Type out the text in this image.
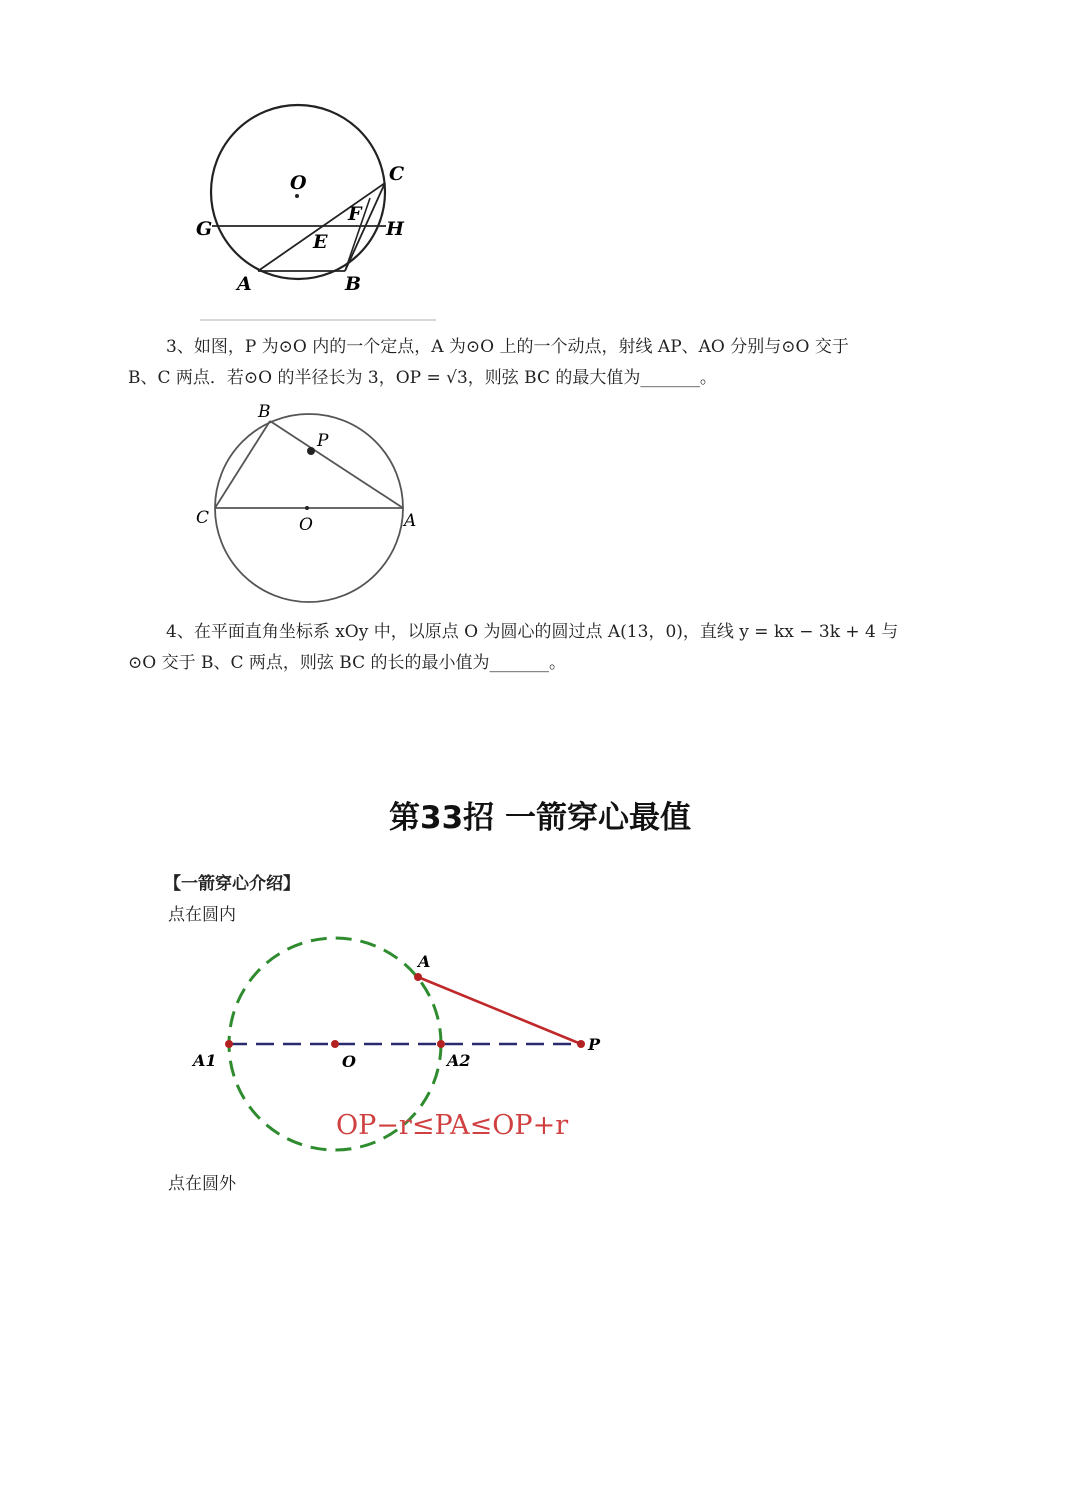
O	C
F
G	H
E
A	B
3、如图，P 为⊙O 内的一个定点，A 为⊙O 上的一个动点，射线 AP、AO 分别与⊙O 交于
B、C 两点．若⊙O 的半径长为 3，OP = √3，则弦 BC 的最大值为_______。
B
P
C	O	A
4、在平面直角坐标系 xOy 中，以原点 O 为圆心的圆过点 A(13，0)，直线 y = kx − 3k + 4 与
⊙O 交于 B、C 两点，则弦 BC 的长的最小值为_______。
第33招 一箭穿心最值
【一箭穿心介绍】
点在圆内
A
P
A1	O	A2
OP−r≤PA≤OP+r
点在圆外
